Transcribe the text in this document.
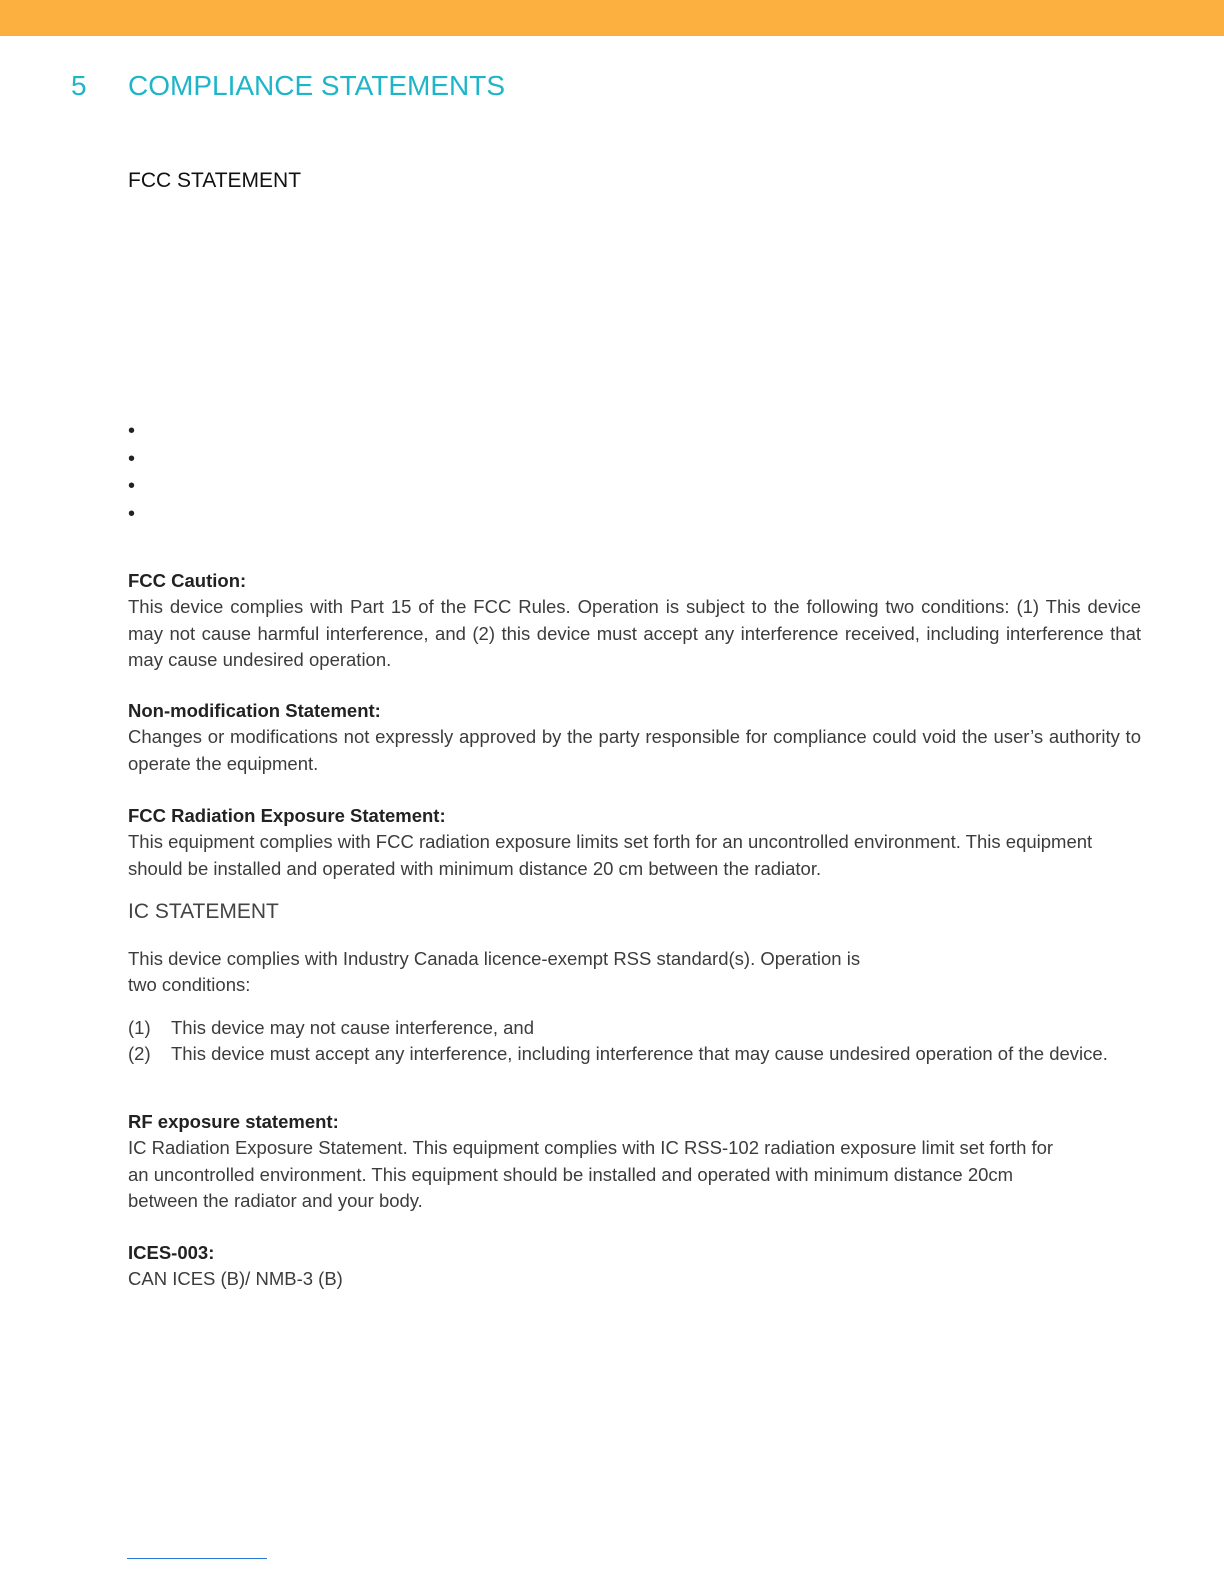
5 COMPLIANCE STATEMENTS
FCC STATEMENT
•
•
•
•
FCC Caution:

This device complies with Part 15 of the FCC Rules. Operation is subject to the following two conditions: (1) This device may not cause harmful interference, and (2) this device must accept any interference received, including interference that may cause undesired operation.

Non-modification Statement:

Changes or modifications not expressly approved by the party responsible for compliance could void the user’s authority to operate the equipment.

FCC Radiation Exposure Statement:

This equipment complies with FCC radiation exposure limits set forth for an uncontrolled environment. This equipment should be installed and operated with minimum distance 20 cm between the radiator.

IC STATEMENT

This device complies with Industry Canada licence-exempt RSS standard(s). Operation is

two conditions:

(1)	This device may not cause interference, and
(2)	This device must accept any interference, including interference that may cause undesired operation of the device.
RF exposure statement:

IC Radiation Exposure Statement. This equipment complies with IC RSS-102 radiation exposure limit set forth for

an uncontrolled environment. This equipment should be installed and operated with minimum distance 20cm

between the radiator and your body.

ICES-003:

CAN ICES (B)/ NMB-3 (B)
